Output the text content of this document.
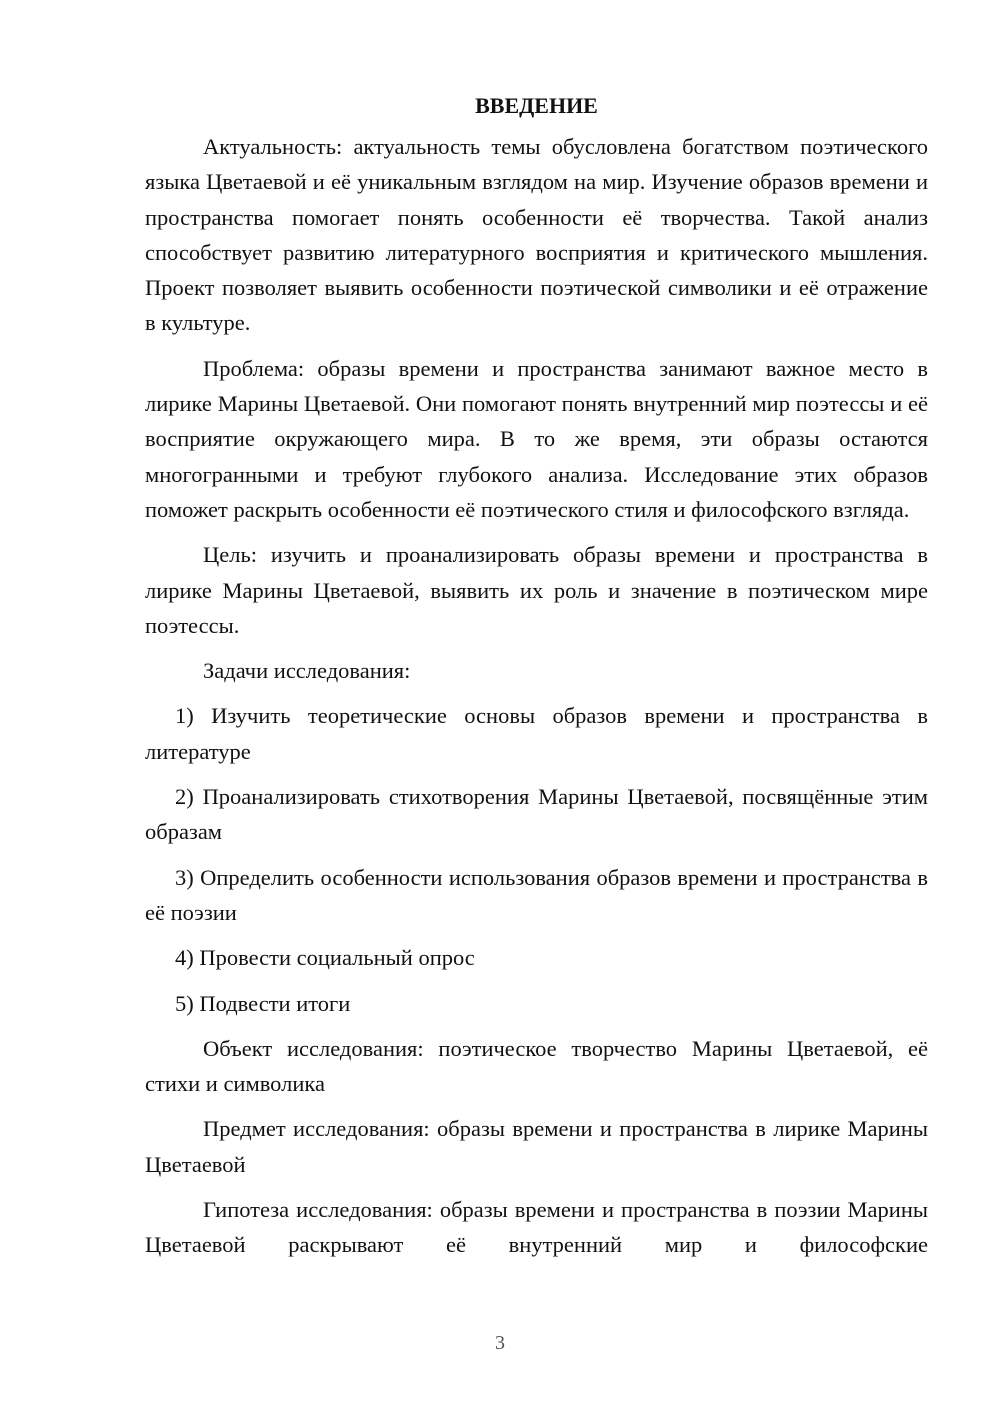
ВВЕДЕНИЕ

Актуальность: актуальность темы обусловлена богатством поэтического языка Цветаевой и её уникальным взглядом на мир. Изучение образов времени и пространства помогает понять особенности её творчества. Такой анализ способствует развитию литературного восприятия и критического мышления. Проект позволяет выявить особенности поэтической символики и её отражение в культуре.

Проблема: образы времени и пространства занимают важное место в лирике Марины Цветаевой. Они помогают понять внутренний мир поэтессы и её восприятие окружающего мира. В то же время, эти образы остаются многогранными и требуют глубокого анализа. Исследование этих образов поможет раскрыть особенности её поэтического стиля и философского взгляда.

Цель: изучить и проанализировать образы времени и пространства в лирике Марины Цветаевой, выявить их роль и значение в поэтическом мире поэтессы.

Задачи исследования:

1) Изучить теоретические основы образов времени и пространства в литературе

2) Проанализировать стихотворения Марины Цветаевой, посвящённые этим образам

3) Определить особенности использования образов времени и пространства в её поэзии

4) Провести социальный опрос

5) Подвести итоги

Объект исследования: поэтическое творчество Марины Цветаевой, её стихи и символика

Предмет исследования: образы времени и пространства в лирике Марины Цветаевой

Гипотеза исследования: образы времени и пространства в поэзии Марины Цветаевой раскрывают её внутренний мир и философские

3
